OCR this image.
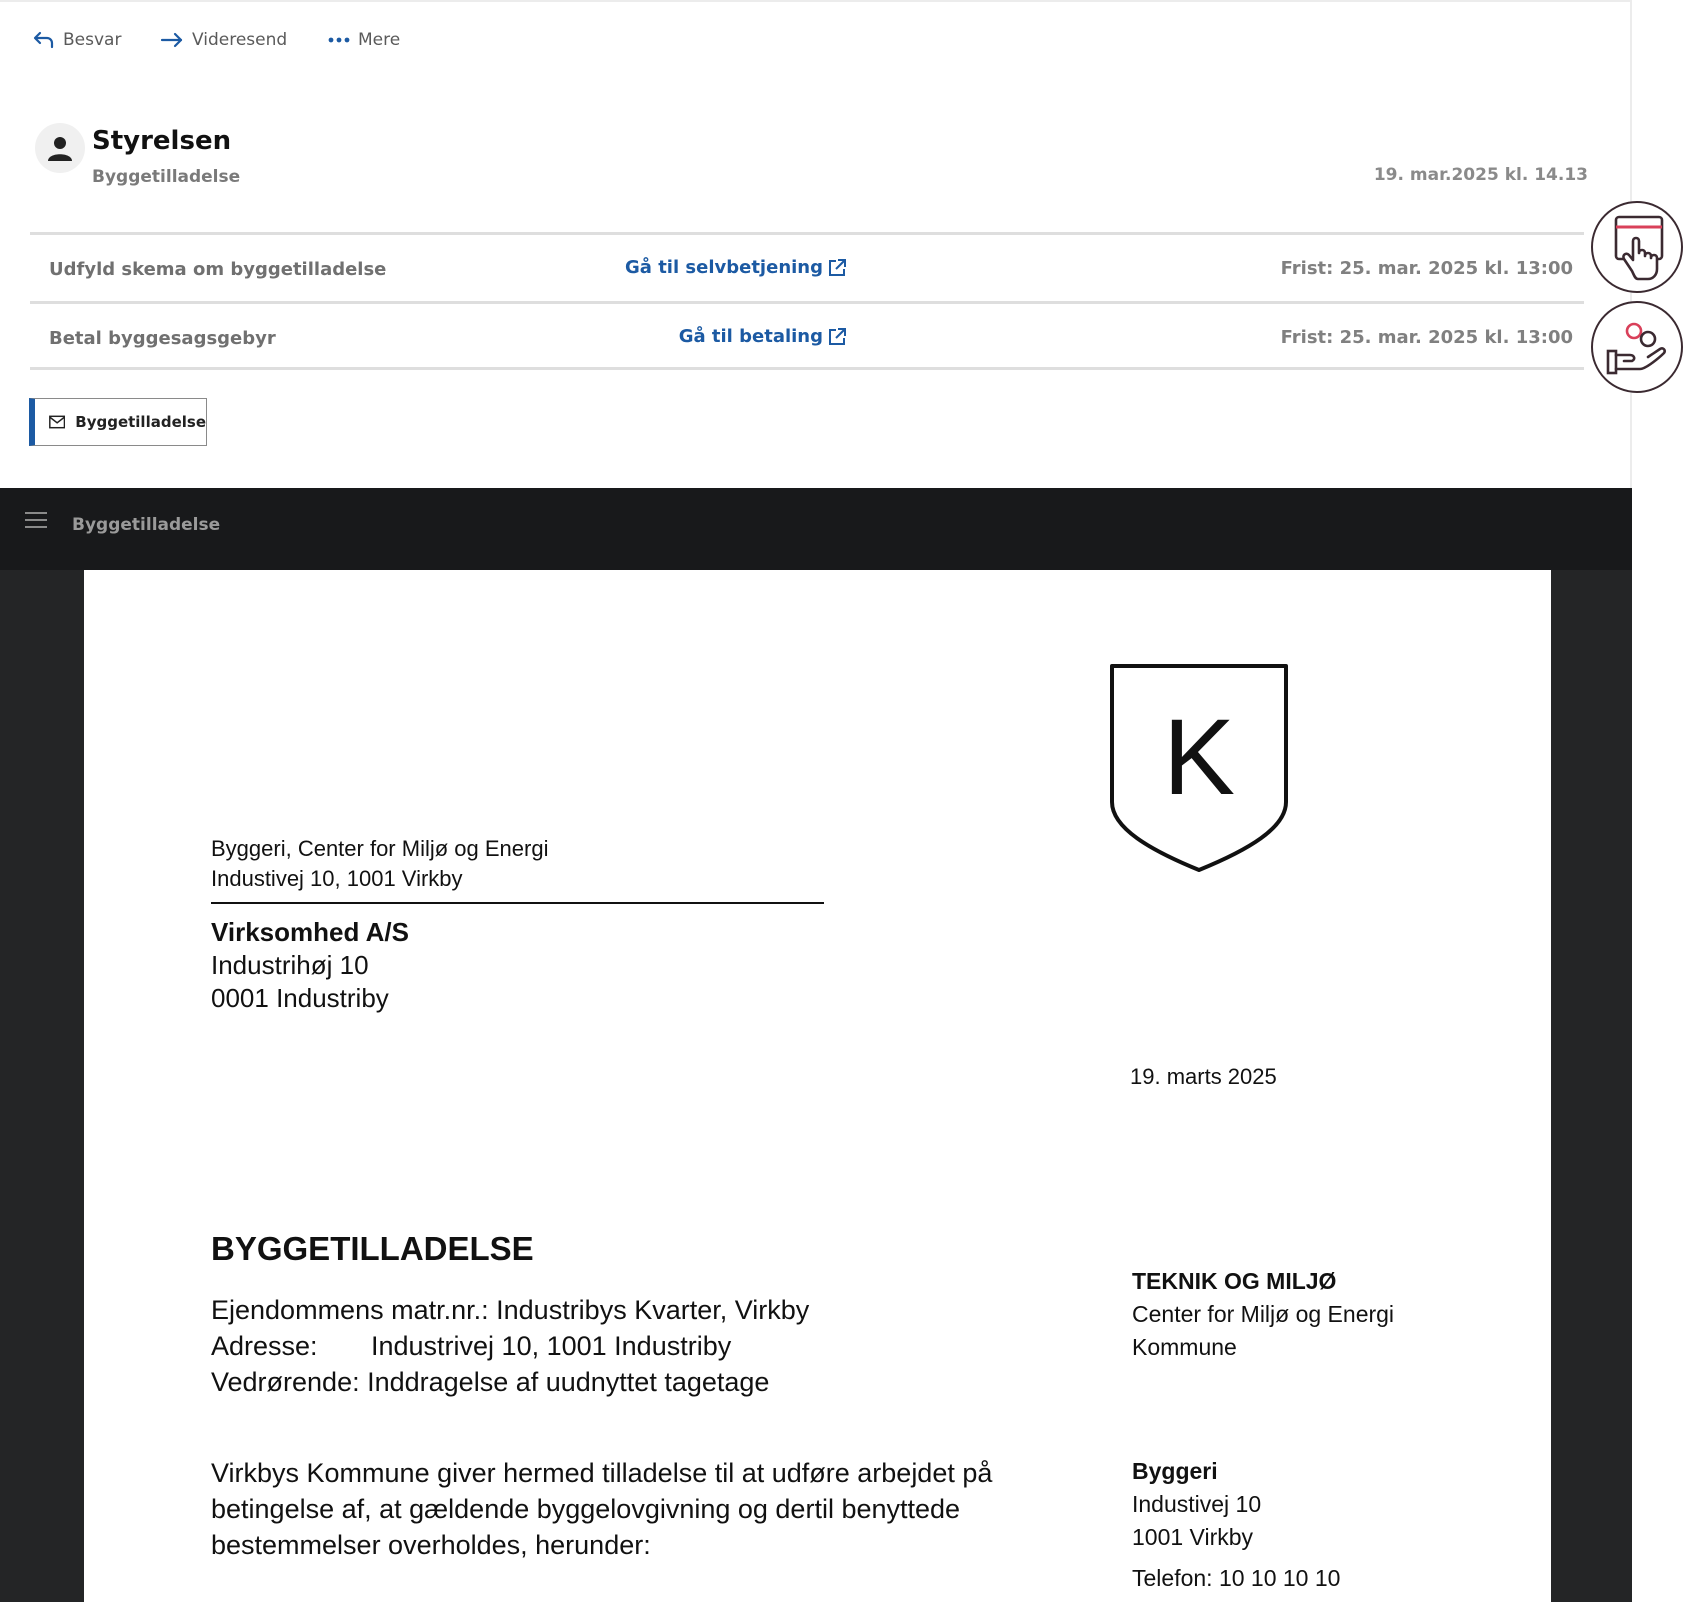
Besvar	Videresend	Mere
Styrelsen
Byggetilladelse	19. mar.2025 kl. 14.13
Udfyld skema om byggetilladelse	Gå til selvbetjening	Frist: 25. mar. 2025 kl. 13:00
Betal byggesagsgebyr	Gå til betaling	Frist: 25. mar. 2025 kl. 13:00
Byggetilladelse
Byggetilladelse
K
Byggeri, Center for Miljø og Energi
Industivej 10, 1001 Virkby
Virksomhed A/S
Industrihøj 10
0001 Industriby
19. marts 2025
BYGGETILLADELSE
Ejendommens matr.nr.:
Industribys Kvarter, Virkby
Adresse:	Industrivej 10, 1001 Industriby
Vedrørende:
Inddragelse af uudnyttet tagetage
Virkbys Kommune giver hermed tilladelse til at udføre arbejdet på betingelse af, at gældende byggelovgivning og dertil benyttede bestemmelser overholdes, herunder:
TEKNIK OG MILJØ
Center for Miljø og Energi
Kommune
Byggeri
Industivej 10
1001 Virkby
Telefon: 10 10 10 10
